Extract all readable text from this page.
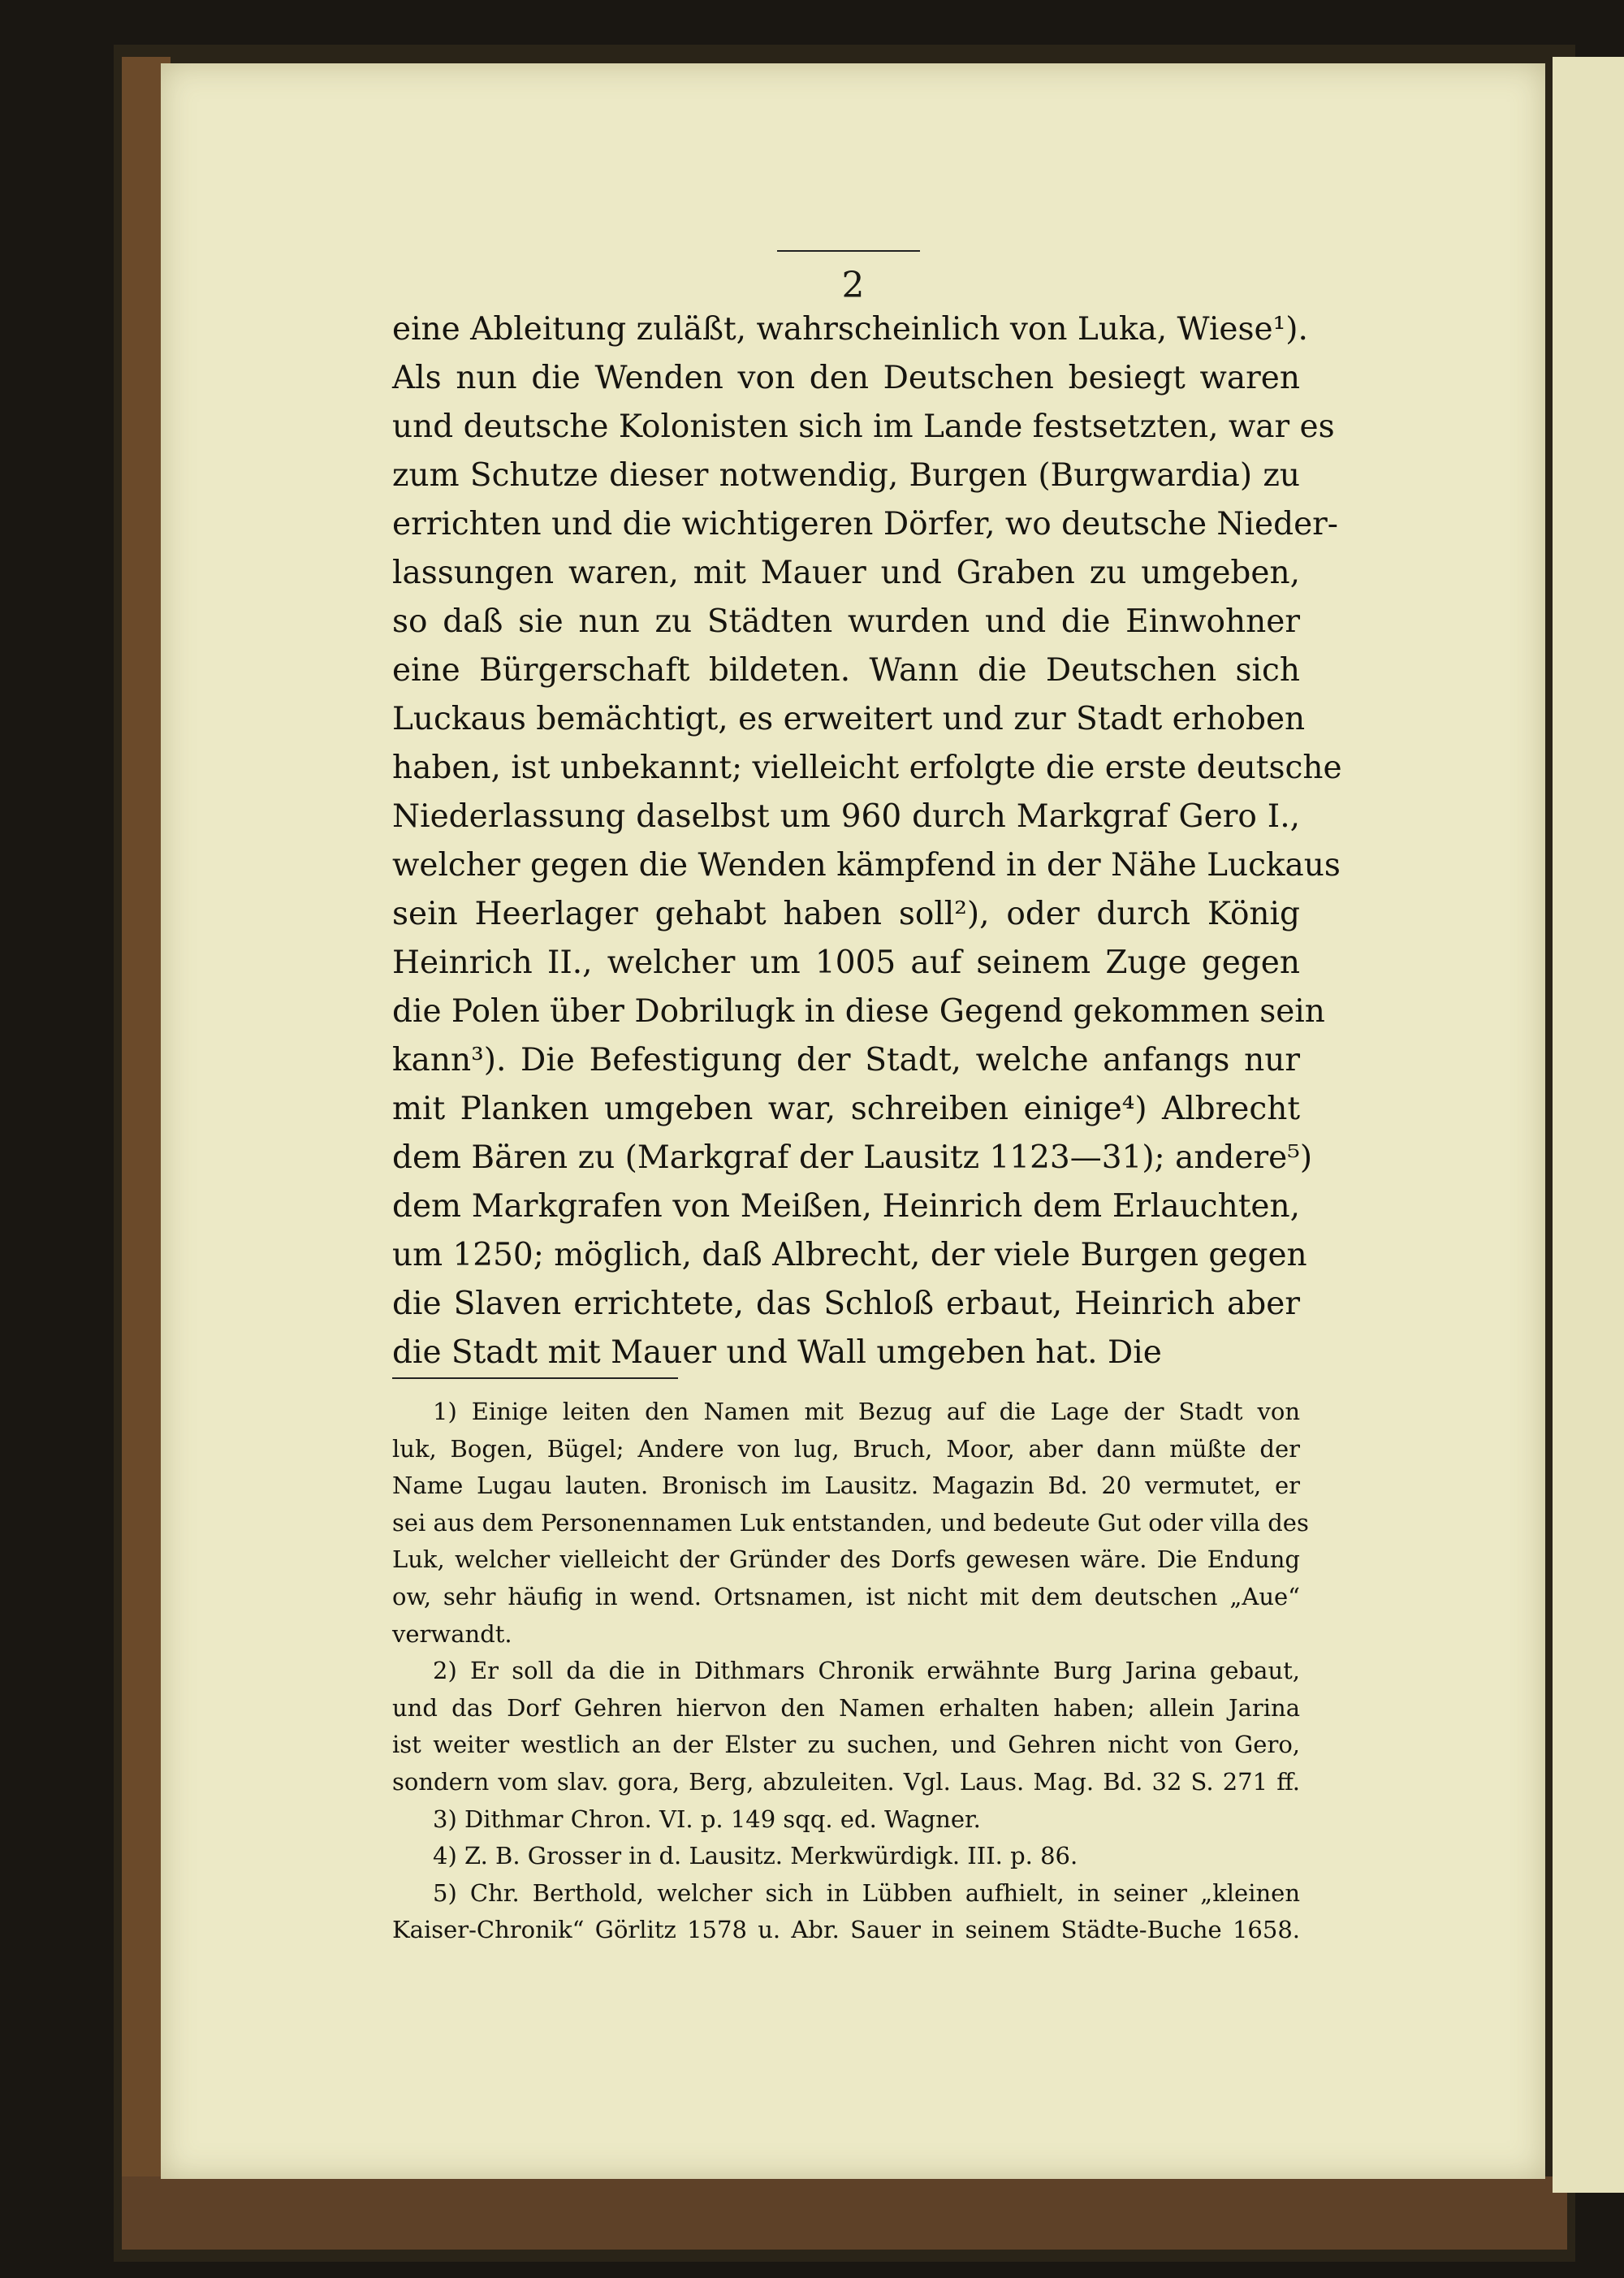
2
eine Ableitung zuläßt, wahrscheinlich von Luka, Wiese¹).
Als nun die Wenden von den Deutschen besiegt waren
und deutsche Kolonisten sich im Lande festsetzten, war es
zum Schutze dieser notwendig, Burgen (Burgwardia) zu
errichten und die wichtigeren Dörfer, wo deutsche Nieder-
lassungen waren, mit Mauer und Graben zu umgeben,
so daß sie nun zu Städten wurden und die Einwohner
eine Bürgerschaft bildeten. Wann die Deutschen sich
Luckaus bemächtigt, es erweitert und zur Stadt erhoben
haben, ist unbekannt; vielleicht erfolgte die erste deutsche
Niederlassung daselbst um 960 durch Markgraf Gero I.,
welcher gegen die Wenden kämpfend in der Nähe Luckaus
sein Heerlager gehabt haben soll²), oder durch König
Heinrich II., welcher um 1005 auf seinem Zuge gegen
die Polen über Dobrilugk in diese Gegend gekommen sein
kann³). Die Befestigung der Stadt, welche anfangs nur
mit Planken umgeben war, schreiben einige⁴) Albrecht
dem Bären zu (Markgraf der Lausitz 1123—31); andere⁵)
dem Markgrafen von Meißen, Heinrich dem Erlauchten,
um 1250; möglich, daß Albrecht, der viele Burgen gegen
die Slaven errichtete, das Schloß erbaut, Heinrich aber
die Stadt mit Mauer und Wall umgeben hat. Die
1) Einige leiten den Namen mit Bezug auf die Lage der Stadt von
luk, Bogen, Bügel; Andere von lug, Bruch, Moor, aber dann müßte der
Name Lugau lauten. Bronisch im Lausitz. Magazin Bd. 20 vermutet, er
sei aus dem Personennamen Luk entstanden, und bedeute Gut oder villa des
Luk, welcher vielleicht der Gründer des Dorfs gewesen wäre. Die Endung
ow, sehr häufig in wend. Ortsnamen, ist nicht mit dem deutschen „Aue“
verwandt.
2) Er soll da die in Dithmars Chronik erwähnte Burg Jarina gebaut,
und das Dorf Gehren hiervon den Namen erhalten haben; allein Jarina
ist weiter westlich an der Elster zu suchen, und Gehren nicht von Gero,
sondern vom slav. gora, Berg, abzuleiten. Vgl. Laus. Mag. Bd. 32 S. 271 ff.
3) Dithmar Chron. VI. p. 149 sqq. ed. Wagner.
4) Z. B. Grosser in d. Lausitz. Merkwürdigk. III. p. 86.
5) Chr. Berthold, welcher sich in Lübben aufhielt, in seiner „kleinen
Kaiser-Chronik“ Görlitz 1578 u. Abr. Sauer in seinem Städte-Buche 1658.
